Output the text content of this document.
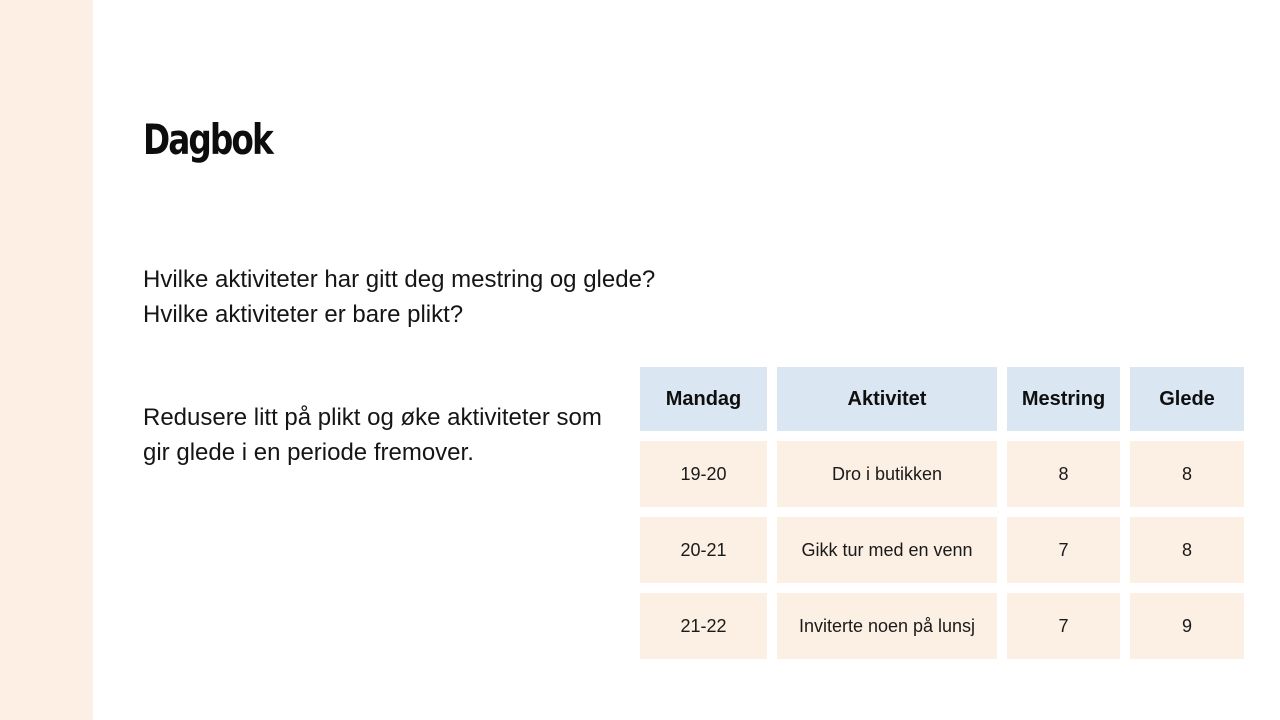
Dagbok

Hvilke aktiviteter har gitt deg mestring og glede?
Hvilke aktiviteter er bare plikt?

Redusere litt på plikt og øke aktiviteter som
gir glede i en periode fremover.

Mandag	Aktivitet	Mestring	Glede
19-20	Dro i butikken	8	8
20-21	Gikk tur med en venn	7	8
21-22	Inviterte noen på lunsj	7	9
